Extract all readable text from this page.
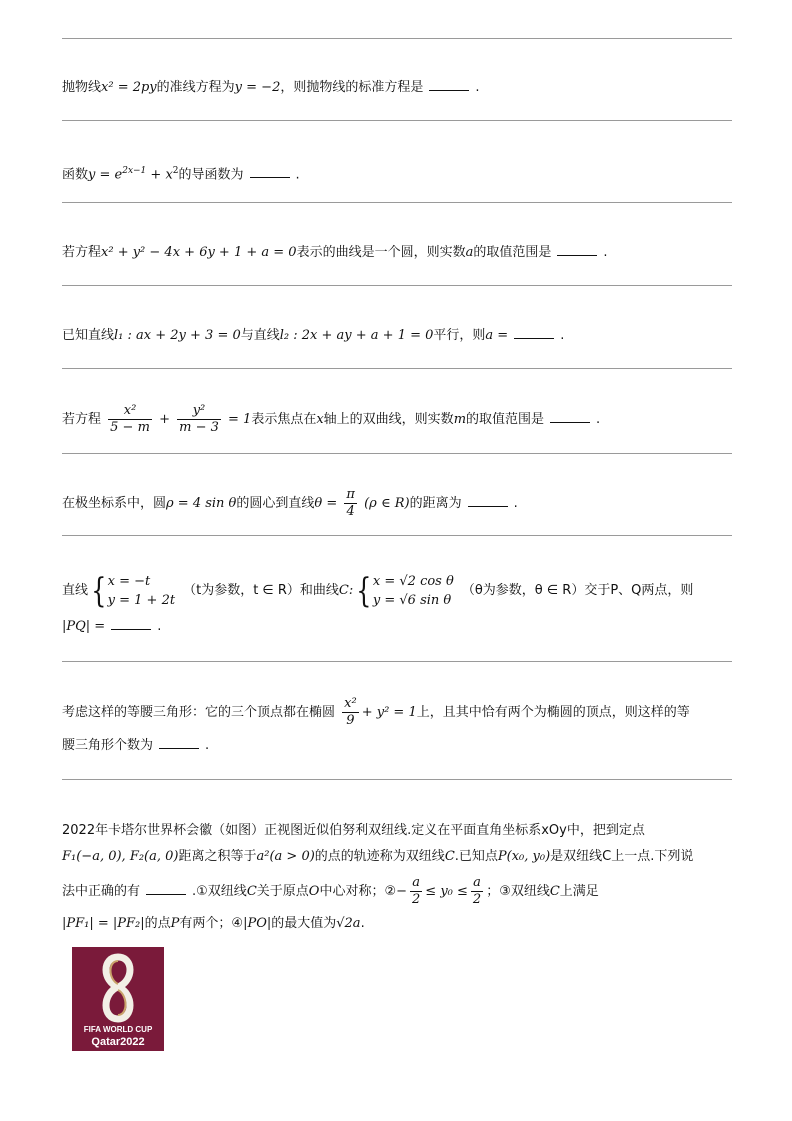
抛物线x² = 2py的准线方程为y = −2，则抛物线的标准方程是	.
函数$y = e^{2x-1} + x^2$的导函数为	.
若方程x² + y² − 4x + 6y + 1 + a = 0表示的曲线是一个圆，则实数a的取值范围是	.
已知直线l₁ : ax + 2y + 3 = 0与直线l₂ : 2x + ay + a + 1 = 0平行，则a =	.
若方程 $\frac{\text{x²}}{5 - m} + \frac{\text{y²}}{m - 3} = 1$表示焦点在x轴上的双曲线，则实数m的取值范围是	.
在极坐标系中，圆ρ = 4 sin θ的圆心到直线$\theta = \frac{\pi}{4} (\rho$ ∈ R)的距离为	.
直线{ x = −t
y = 1 + 2t
（t为参数，t ∈ R）和曲线C:{ x = √2 cos θ
y = √6 sin θ
（θ为参数，θ ∈ R）交于P、Q两点，则
|PQ| =	.
考虑这样的等腰三角形：它的三个顶点都在椭圆 $\frac{\text{x²}}{9} + y^2 = 1$上，且其中恰有两个为椭圆的顶点，则这样的等
腰三角形个数为	.
2022年卡塔尔世界杯会徽（如图）正视图近似伯努利双纽线.定义在平面直角坐标系xOy中，把到定点
F₁(−a, 0), F₂(a, 0)距离之积等于a²(a > 0)的点的轨迹称为双纽线C.已知点P(x₀, y₀)是双纽线C上一点.下列说
法中正确的有	.①双纽线C关于原点O中心对称；②− $\frac{a}{2} \le y_0 \le \frac{a}{2}$ ；③双纽线C上满足
|PF₁| = |PF₂|的点P有两个；④|PO|的最大值为√2a.
FIFA WORLD CUP
Qatar2022
